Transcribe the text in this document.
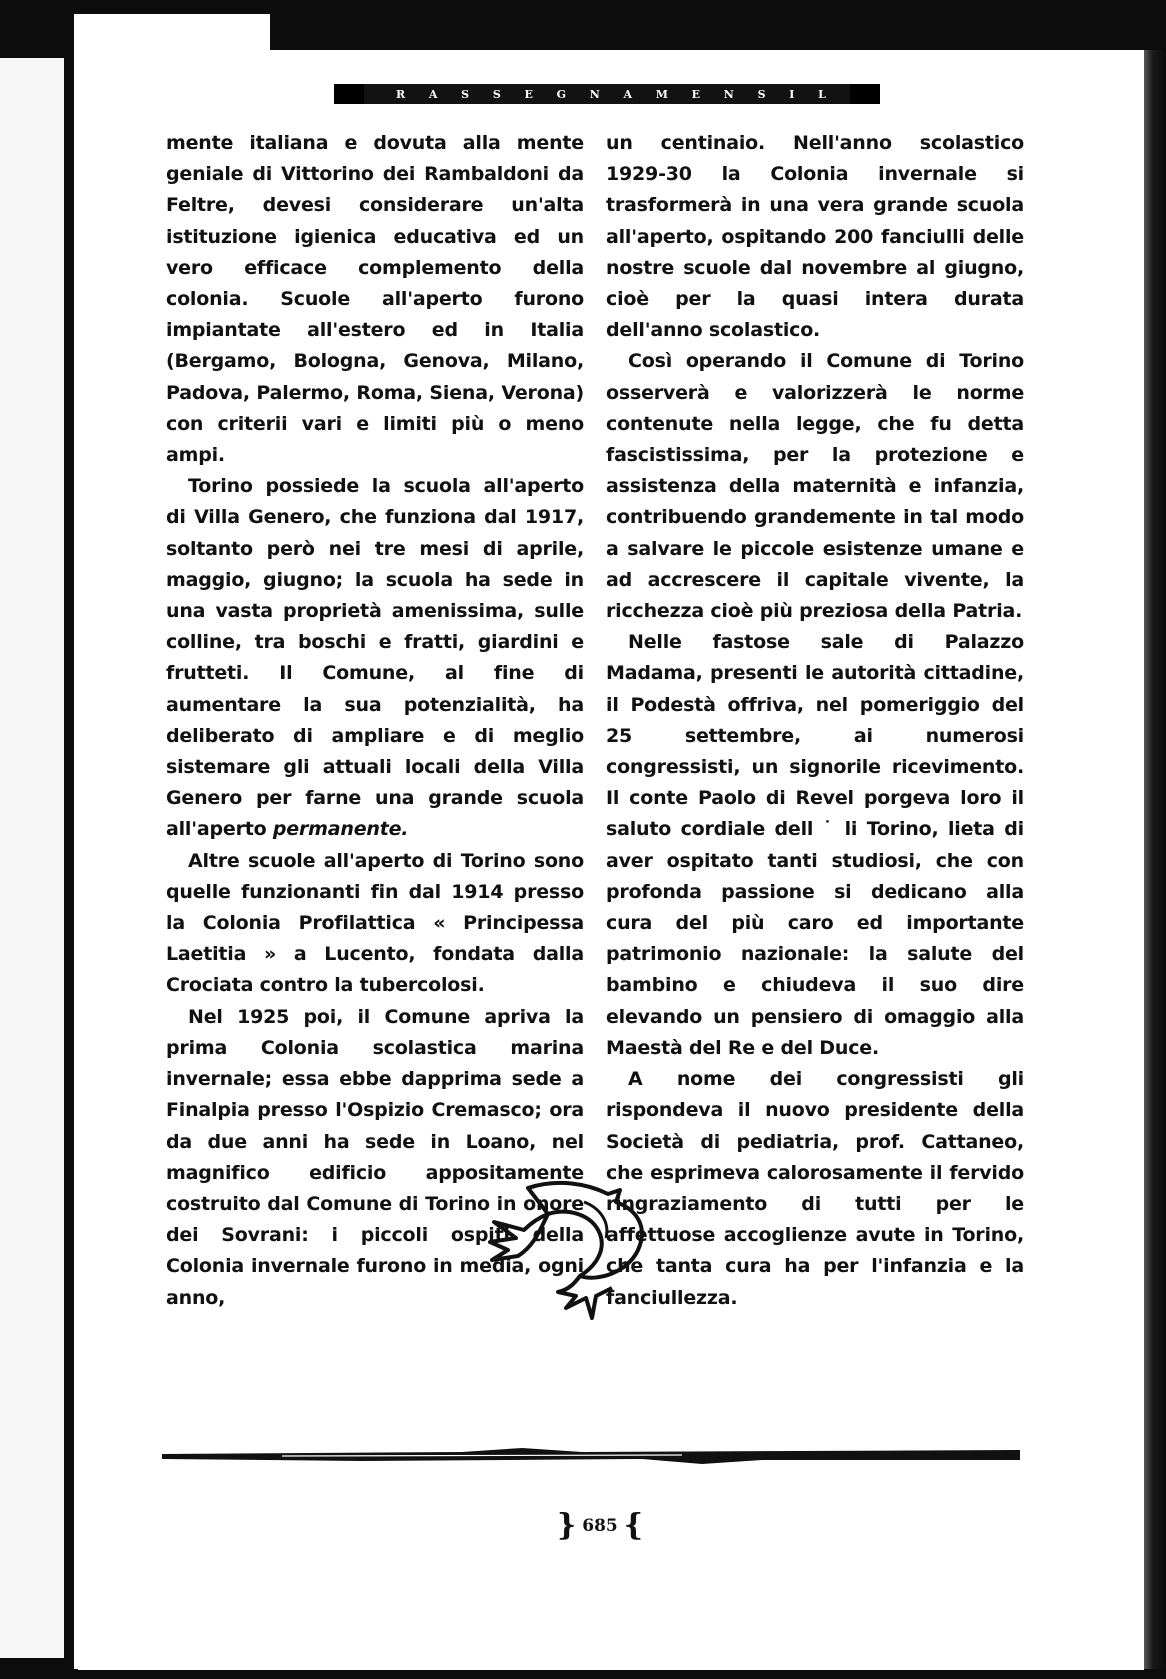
R A S S E G N A M E N S I L

mente italiana e dovuta alla mente geniale di Vittorino dei Rambaldoni da Feltre, devesi considerare un'alta istituzione igienica educativa ed un vero efficace complemento della colonia. Scuole all'aperto furono impiantate all'estero ed in Italia (Bergamo, Bologna, Genova, Milano, Padova, Palermo, Roma, Siena, Verona) con criterii vari e limiti più o meno ampi.

Torino possiede la scuola all'aperto di Villa Genero, che funziona dal 1917, soltanto però nei tre mesi di aprile, maggio, giugno; la scuola ha sede in una vasta proprietà amenissima, sulle colline, tra boschi e fratti, giardini e frutteti. Il Comune, al fine di aumentare la sua potenzialità, ha deliberato di ampliare e di meglio sistemare gli attuali locali della Villa Genero per farne una grande scuola all'aperto permanente.

Altre scuole all'aperto di Torino sono quelle funzionanti fin dal 1914 presso la Colonia Profilattica « Principessa Laetitia » a Lucento, fondata dalla Crociata contro la tubercolosi.

Nel 1925 poi, il Comune apriva la prima Colonia scolastica marina invernale; essa ebbe dapprima sede a Finalpia presso l'Ospizio Cremasco; ora da due anni ha sede in Loano, nel magnifico edificio appositamente costruito dal Comune di Torino in onore dei Sovrani: i piccoli ospiti della Colonia invernale furono in media, ogni anno,

un centinaio. Nell'anno scolastico 1929-30 la Colonia invernale si trasformerà in una vera grande scuola all'aperto, ospitando 200 fanciulli delle nostre scuole dal novembre al giugno, cioè per la quasi intera durata dell'anno scolastico.

Così operando il Comune di Torino osserverà e valorizzerà le norme contenute nella legge, che fu detta fascistissima, per la protezione e assistenza della maternità e infanzia, contribuendo grandemente in tal modo a salvare le piccole esistenze umane e ad accrescere il capitale vivente, la ricchezza cioè più preziosa della Patria.

Nelle fastose sale di Palazzo Madama, presenti le autorità cittadine, il Podestà offriva, nel pomeriggio del 25 settembre, ai numerosi congressisti, un signorile ricevimento. Il conte Paolo di Revel porgeva loro il saluto cordiale dell ˙ li Torino, lieta di aver ospitato tanti studiosi, che con profonda passione si dedicano alla cura del più caro ed importante patrimonio nazionale: la salute del bambino e chiudeva il suo dire elevando un pensiero di omaggio alla Maestà del Re e del Duce.

A nome dei congressisti gli rispondeva il nuovo presidente della Società di pediatria, prof. Cattaneo, che esprimeva calorosamente il fervido ringraziamento di tutti per le affettuose accoglienze avute in Torino, che tanta cura ha per l'infanzia e la fanciullezza.

} 685 {
